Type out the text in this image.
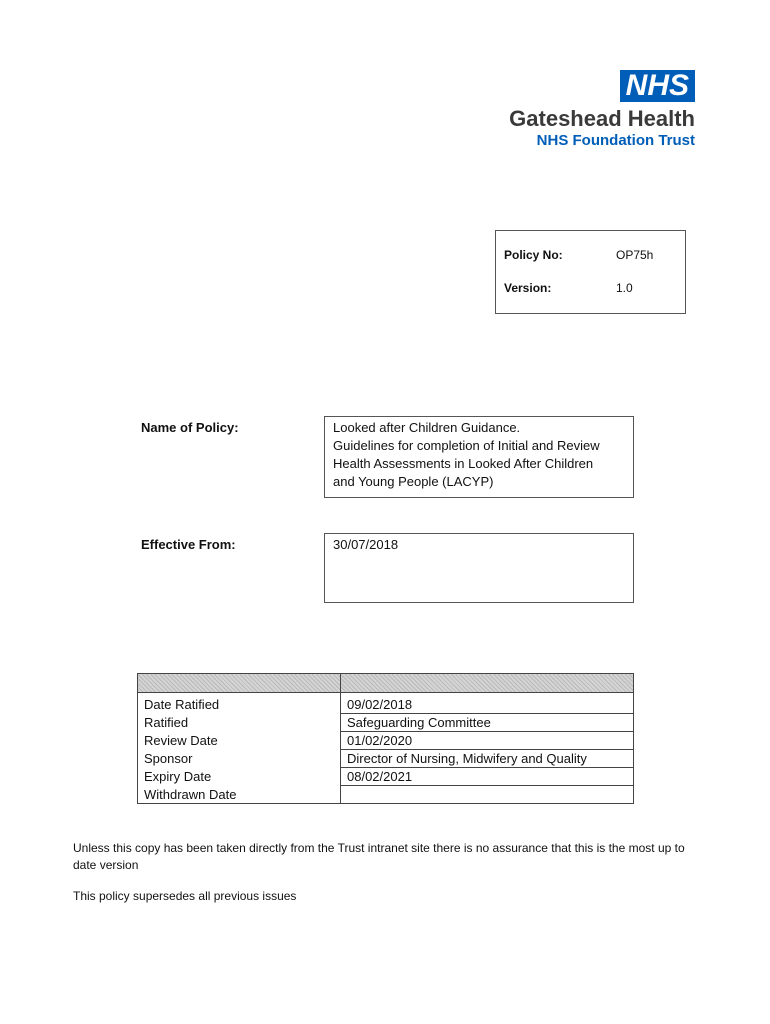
NHS
Gateshead Health
NHS Foundation Trust
Policy No:	OP75h
Version:	1.0
Name of Policy:	Looked after Children Guidance.
Guidelines for completion of Initial and Review
Health Assessments in Looked After Children
and Young People (LACYP)
Effective From:	30/07/2018

Date Ratified	09/02/2018
Ratified	Safeguarding Committee
Review Date	01/02/2020
Sponsor	Director of Nursing, Midwifery and Quality
Expiry Date	08/02/2021
Withdrawn Date	
Unless this copy has been taken directly from the Trust intranet site there is no assurance that this is the most up to date version
This policy supersedes all previous issues
